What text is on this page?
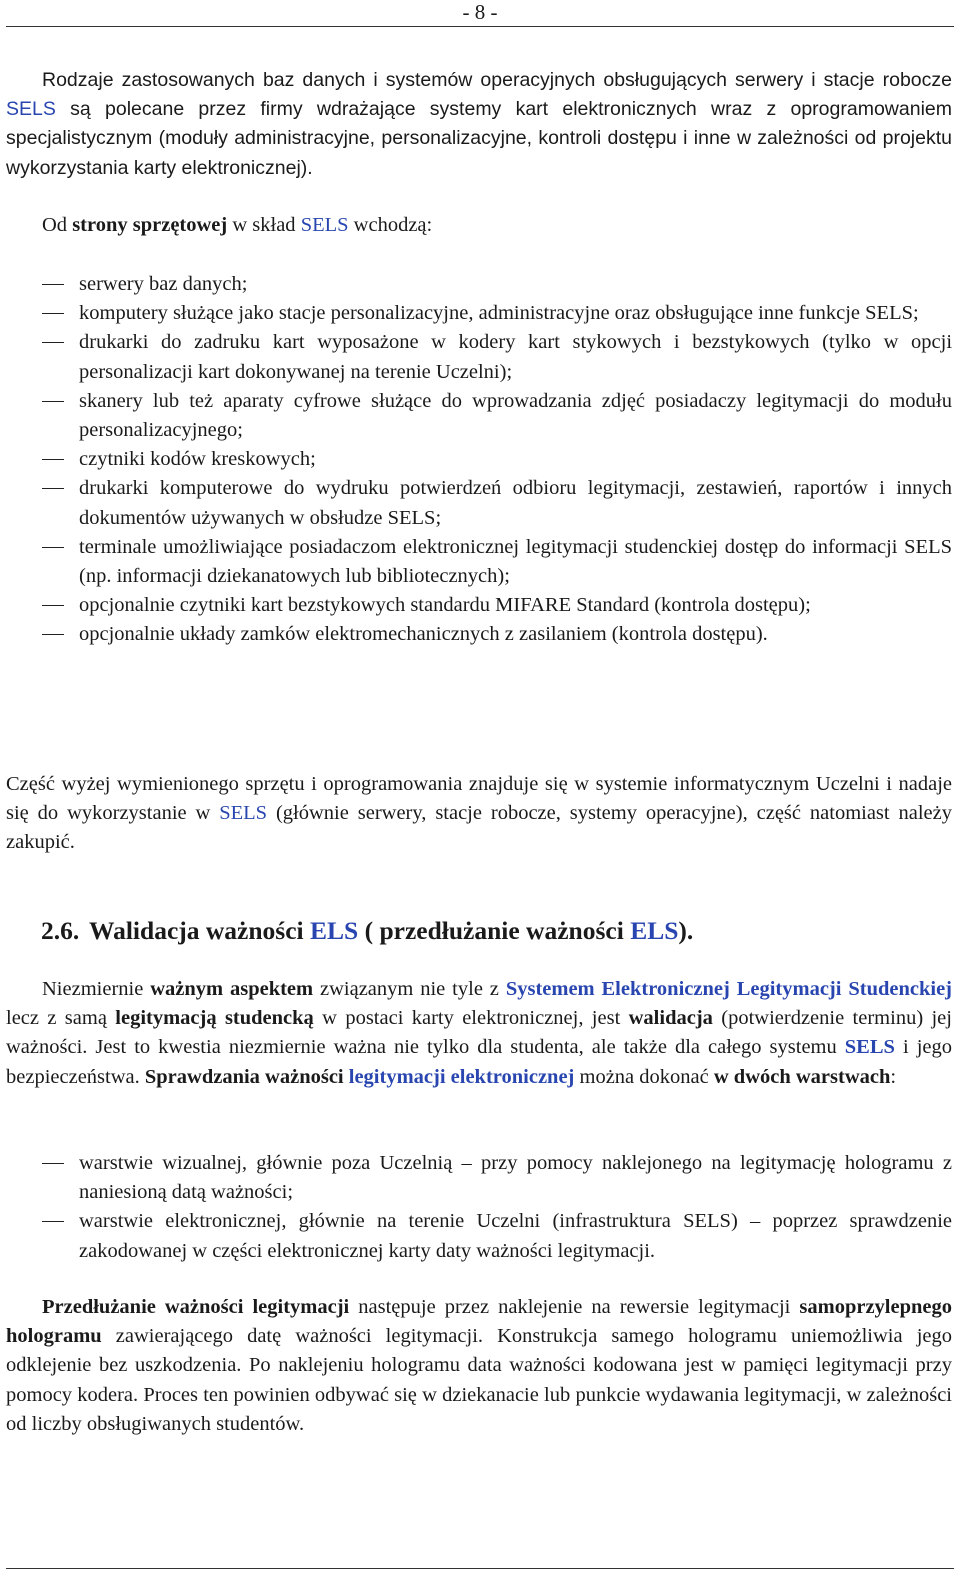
- 8 -
Rodzaje zastosowanych baz danych i systemów operacyjnych obsługujących serwery i stacje robocze SELS są polecane przez firmy wdrażające systemy kart elektronicznych wraz z oprogramowaniem specjalistycznym (moduły administracyjne, personalizacyjne, kontroli dostępu i inne w zależności od projektu wykorzystania karty elektronicznej).
Od strony sprzętowej w skład SELS wchodzą:
serwery baz danych;
komputery służące jako stacje personalizacyjne, administracyjne oraz obsługujące inne funkcje SELS;
drukarki do zadruku kart wyposażone w kodery kart stykowych i bezstykowych (tylko w opcji personalizacji kart dokonywanej na terenie Uczelni);
skanery lub też aparaty cyfrowe służące do wprowadzania zdjęć posiadaczy legitymacji do modułu personalizacyjnego;
czytniki kodów kreskowych;
drukarki komputerowe do wydruku potwierdzeń odbioru legitymacji, zestawień, raportów i innych dokumentów używanych w obsłudze SELS;
terminale umożliwiające posiadaczom elektronicznej legitymacji studenckiej dostęp do informacji SELS (np. informacji dziekanatowych lub bibliotecznych);
opcjonalnie czytniki kart bezstykowych standardu MIFARE Standard (kontrola dostępu);
opcjonalnie układy zamków elektromechanicznych z zasilaniem (kontrola dostępu).
Część wyżej wymienionego sprzętu i oprogramowania znajduje się w systemie informatycznym Uczelni i nadaje się do wykorzystanie w SELS (głównie serwery, stacje robocze, systemy operacyjne), część natomiast należy zakupić.
2.6. Walidacja ważności ELS ( przedłużanie ważności ELS).
Niezmiernie ważnym aspektem związanym nie tyle z Systemem Elektronicznej Legitymacji Studenckiej lecz z samą legitymacją studencką w postaci karty elektronicznej, jest walidacja (potwierdzenie terminu) jej ważności. Jest to kwestia niezmiernie ważna nie tylko dla studenta, ale także dla całego systemu SELS i jego bezpieczeństwa. Sprawdzania ważności legitymacji elektronicznej można dokonać w dwóch warstwach:
warstwie wizualnej, głównie poza Uczelnią – przy pomocy naklejonego na legitymację hologramu z naniesioną datą ważności;
warstwie elektronicznej, głównie na terenie Uczelni (infrastruktura SELS) – poprzez sprawdzenie zakodowanej w części elektronicznej karty daty ważności legitymacji.
Przedłużanie ważności legitymacji następuje przez naklejenie na rewersie legitymacji samoprzylepnego hologramu zawierającego datę ważności legitymacji. Konstrukcja samego hologramu uniemożliwia jego odklejenie bez uszkodzenia. Po naklejeniu hologramu data ważności kodowana jest w pamięci legitymacji przy pomocy kodera. Proces ten powinien odbywać się w dziekanacie lub punkcie wydawania legitymacji, w zależności od liczby obsługiwanych studentów.
